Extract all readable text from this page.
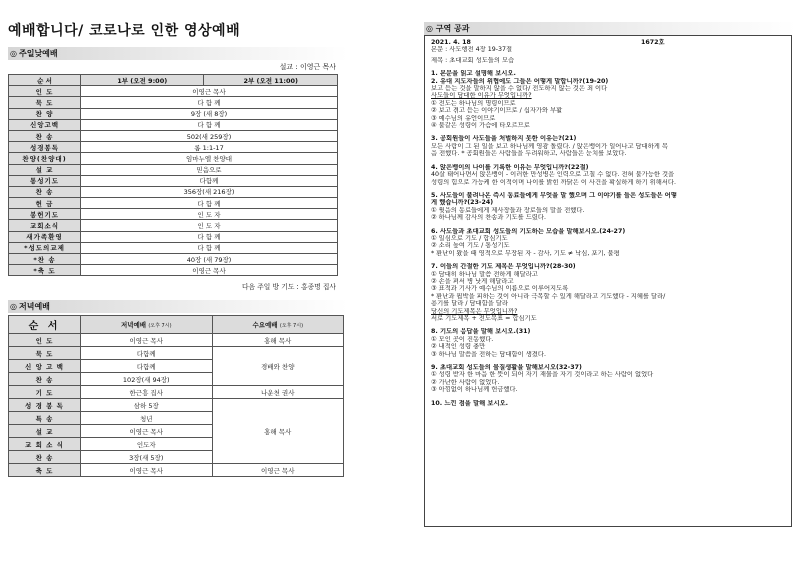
예배합니다/ 코로나로 인한 영상예배
◎ 주일낮예배
설교 : 이영근 목사
순 서	1부 (오전 9:00)	2부 (오전 11:00)
인 도	이영근 목사	
묵 도	다 함 께	
찬 양	9장 (새 8장)	
신앙고백	다 함 께	
찬 송	502(새 259장)	
성경봉독	롬 1:1-17	
찬양(찬양대)	임마누엘 찬양대	
설 교	믿음으로	
통성기도	다함께	
찬 송	356장(새 216장)	
헌 금	다 함 께	
봉헌기도	인 도 자	
교회소식	인 도 자	
새가족환영	다 함 께	
*성도의교제	다 함 께	
*찬 송	40장 (새 79장)	
*축 도	이영근 목사	
다음 주일 방 기도 : 홍종명 집사
◎ 저녁예배
순 서	저녁예배 (오후 7시)	수요예배 (오후 7시)
인 도	이영근 목사	홍해 목사
묵 도	다함께	경배와 찬양
신 앙 고 백	다함께	
찬 송	102장(새 94장)	
기 도	한근흥 집사	나운천 권사
성 경 봉 독	삼하 5장	홍해 목사
특 송	청년	
설 교	이영근 목사	
교 회 소 식	인도자	
찬 송	3장(새 5장)	
축 도	이영근 목사	이영근 목사
◎
구역 공과
2021. 4. 18	1672호

본문 : 사도행전 4장 19-37절

제목 : 초대교회 성도들의 모습

1. 본문을 읽고 설명해 보시오.

2. 유대 지도자들의 위협에도 그들은 어떻게 말합니까?(19-20)

보고 듣는 것을 말하지 않을 수 없다/ 전도하지 않는 것은 죄 이다

사도들이 담대한 이유가 무엇입니까?

① 전도는 하나님의 명령이므로

② 보고 겪고 듣는 이야기이므로 / 십자가와 부활

③ 예수님의 유언이므로

④ 불같은 성령이 가슴에 타오르므로

3. 공회원들이 사도들을 처벌하지 못한 이유는?(21)

모든 사람이 그 된 일을 보고 하나님께 영광 돌렸다. / 앉은뱅이가 일어나고 담대하게 복

음 전했다. * 공회원들은 사람들을 두려워하고, 사람들은 눈치를 보았다.

4. 앉은뱅이의 나이를 기록한 이유는 무엇입니까?(22절)

40살 태어나면서 앉은뱅이 - 이러한 만성병은 인력으로 고칠 수 없다. 전혀 불가능한 것을

성령의 힘으로 가능케 한 이적이며 나이를 밝힌 까닭은 이 사건을 확실하게 하기 위해서다.

5. 사도들이 풀려나온 즉시 동료들에게 무엇을 말 했으며 그 이야기를 들은 성도들은 어떻

게 했습니까?(23-24)

① 윗음의 동료들에게 제사장들과 장로들의 말을 전했다.

② 하나님께 감사의 찬송과 기도를 드렸다.

6. 사도들과 초대교회 성도들의 기도하는 모습을 말해보시오.(24-27)

① 일심으로 기도 / 합심기도

② 소리 높여 기도 / 통성기도

* 환난이 왔을 때 영적으로 무장된 자 - 감사, 기도 ≠ 낙심, 포기, 불평

7. 이들의 간절한 기도 제목은 무엇입니까?(28-30)

① 담대히 하나님 말씀 전하게 해달라고

② 손을 펴서 병 낫게 해달라고

③ 표적과 기사가 예수님의 이름으로 이루어지도록

* 환난과 핍박을 피하는 것이 아니라 극복할 수 있게 해달라고 기도했다 - 지혜를 달라/

용기를 달라 / 담대함을 달라

당신의 기도제목은 무엇입니까?

서로 기도제목 + 전도목표 = 합심기도

8. 기도의 응답을 말해 보시오.(31)

① 모인 곳이 진동했다.

② 내적인 성령 충만

③ 하나님 말씀을 전하는 담대함이 생겼다.

9. 초대교회 성도들의 물질생활을 말해보시오(32-37)

① 성령 받자 한 마음 한 뜻이 되어 자기 재물을 자기 것이라고 하는 사람이 없었다

② 가난한 사람이 없었다.

③ 아낌없이 하나님께 헌금했다.

10. 느낀 점을 말해 보시오.
